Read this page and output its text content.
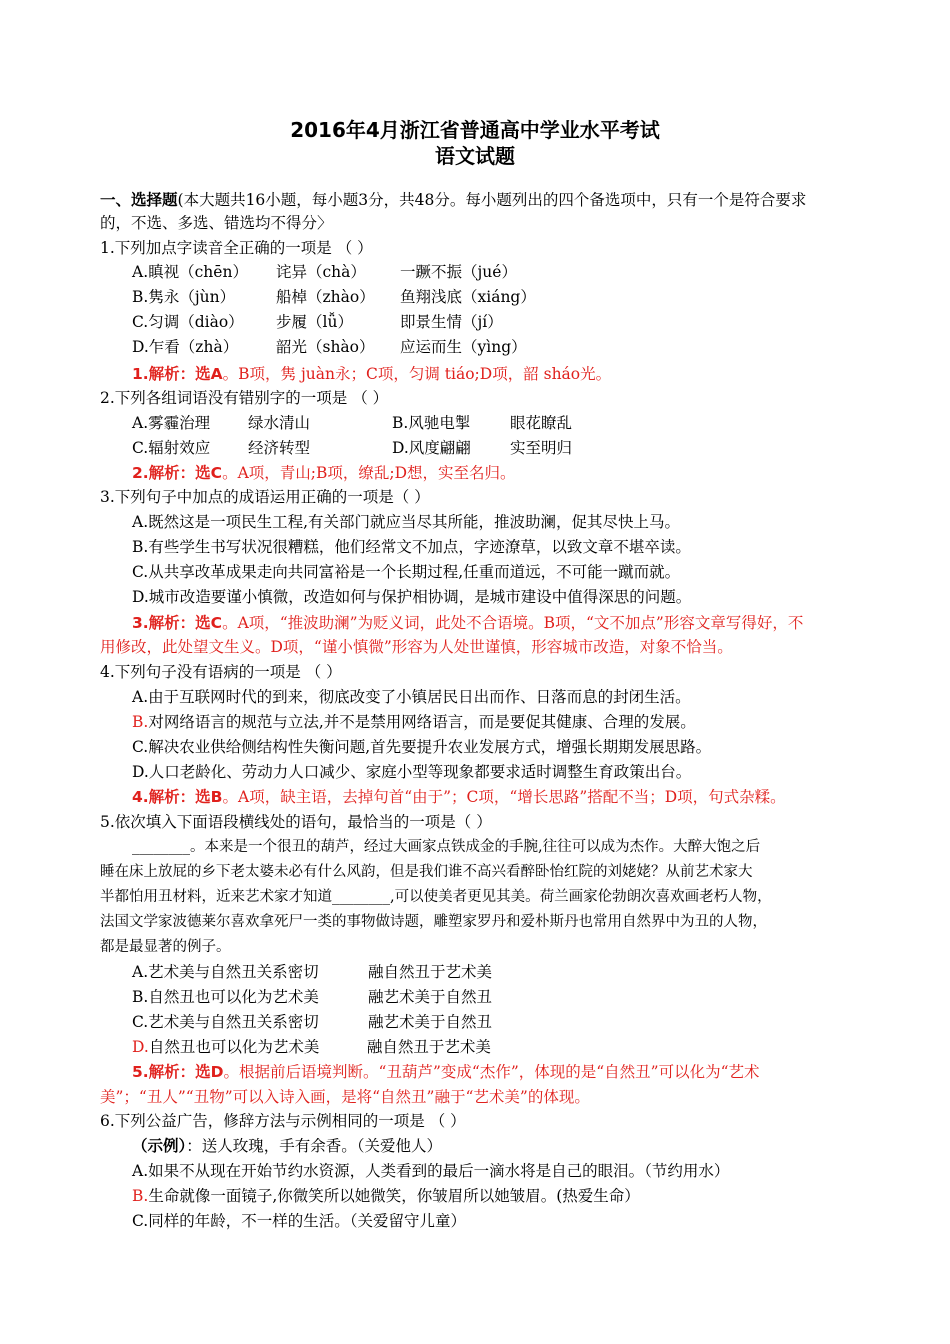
2016年4月浙江省普通高中学业水平考试
语文试题
一、选择题(本大题共16小题，每小题3分，共48分。每小题列出的四个备选项中，只有一个是符合要求
的，不选、多选、错选均不得分〉
1.下列加点字读音全正确的一项是 （ ）
A.瞋视（chēn） 诧异（chà） 一蹶不振（jué）
B.隽永（jùn）	船棹（zhào） 鱼翔浅底（xiáng）
C.匀调（diào） 步履（lǚ）	即景生情（jí）
D.乍看（zhà） 韶光（shào） 应运而生（yìng）
1.解析：选A。B项，隽 juàn永；C项，匀调 tiáo;D项，韶 sháo光。
2.下列各组词语没有错别字的一项是 （ ）
A.雾霾治理 绿水清山	B.风驰电掣	眼花瞭乱
C.辐射效应 经济转型	D.风度翩翩	实至明归
2.解析：选C。A项，青山;B项，缭乱;D想，实至名归。
3.下列句子中加点的成语运用正确的一项是（ ）
A.既然这是一项民生工程,有关部门就应当尽其所能，推波助澜，促其尽快上马。
B.有些学生书写状况很糟糕，他们经常文不加点，字迹潦草，以致文章不堪卒读。
C.从共享改革成果走向共同富裕是一个长期过程,任重而道远，不可能一蹴而就。
D.城市改造要谨小慎微，改造如何与保护相协调，是城市建设中值得深思的问题。
3.解析：选C。A项，“推波助澜”为贬义词，此处不合语境。B项，“文不加点”形容文章写得好，不
用修改，此处望文生义。D项，“谨小慎微”形容为人处世谨慎，形容城市改造，对象不恰当。
4.下列句子没有语病的一项是 （ ）
A.由于互联网时代的到来，彻底改变了小镇居民日出而作、日落而息的封闭生活。
B.对网络语言的规范与立法,并不是禁用网络语言，而是要促其健康、合理的发展。
C.解决农业供给侧结构性失衡问题,首先要提升农业发展方式，增强长期期发展思路。
D.人口老龄化、劳动力人口减少、家庭小型等现象都要求适时调整生育政策出台。
4.解析：选B。A项，缺主语，去掉句首“由于”；C项，“增长思路”搭配不当；D项，句式杂糅。
5.依次填入下面语段横线处的语句，最恰当的一项是（ ）
________。本来是一个很丑的葫芦，经过大画家点铁成金的手腕,往往可以成为杰作。大醉大饱之后
睡在床上放屁的乡下老太婆未必有什么风韵，但是我们谁不高兴看醉卧怡红院的刘姥姥？从前艺术家大
半都怕用丑材料，近来艺术家才知道________,可以使美者更见其美。荷兰画家伦勃朗次喜欢画老朽人物，
法国文学家波德莱尔喜欢拿死尸一类的事物做诗题，雕塑家罗丹和爱朴斯丹也常用自然界中为丑的人物，
都是最显著的例子。
A.艺术美与自然丑关系密切	融自然丑于艺术美
B.自然丑也可以化为艺术美	融艺术美于自然丑
C.艺术美与自然丑关系密切	融艺术美于自然丑
D.自然丑也可以化为艺术美	融自然丑于艺术美
5.解析：选D。根据前后语境判断。“丑葫芦”变成“杰作”，体现的是“自然丑”可以化为“艺术
美”；“丑人”“丑物”可以入诗入画，是将“自然丑”融于“艺术美”的体现。
6.下列公益广告，修辞方法与示例相同的一项是 （ ）
（示例）：送人玫瑰，手有余香。（关爱他人）
A.如果不从现在开始节约水资源，人类看到的最后一滴水将是自己的眼泪。（节约用水）
B.生命就像一面镜子,你微笑所以她微笑，你皱眉所以她皱眉。(热爱生命）
C.同样的年龄，不一样的生活。（关爱留守儿童）
